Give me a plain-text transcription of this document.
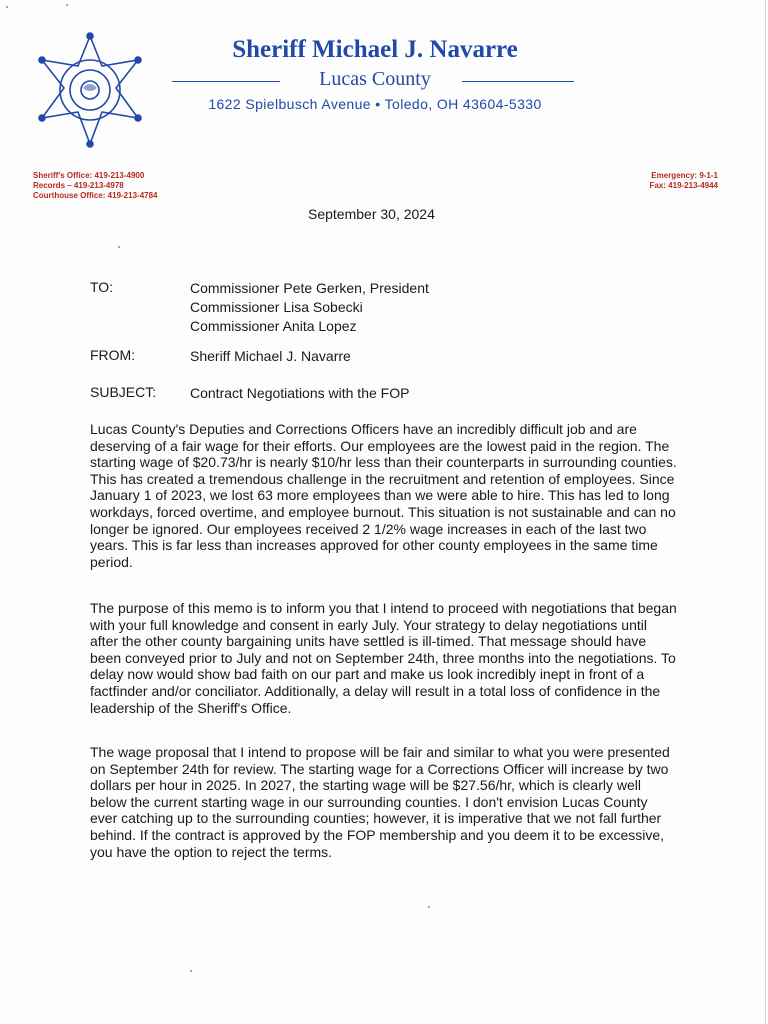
Sheriff Michael J. Navarre
Lucas County
1622 Spielbusch Avenue • Toledo, OH 43604-5330
Sheriff's Office: 419-213-4900
Records – 419-213-4978
Courthouse Office: 419-213-4784
Emergency: 9-1-1
Fax: 419-213-4944
September 30, 2024
TO:	Commissioner Pete Gerken, President
Commissioner Lisa Sobecki
Commissioner Anita Lopez
FROM:	Sheriff Michael J. Navarre
SUBJECT: Contract Negotiations with the FOP
Lucas County's Deputies and Corrections Officers have an incredibly difficult job and are deserving of a fair wage for their efforts. Our employees are the lowest paid in the region. The starting wage of $20.73/hr is nearly $10/hr less than their counterparts in surrounding counties. This has created a tremendous challenge in the recruitment and retention of employees. Since January 1 of 2023, we lost 63 more employees than we were able to hire. This has led to long workdays, forced overtime, and employee burnout. This situation is not sustainable and can no longer be ignored. Our employees received 2 1/2% wage increases in each of the last two years. This is far less than increases approved for other county employees in the same time period.
The purpose of this memo is to inform you that I intend to proceed with negotiations that began with your full knowledge and consent in early July. Your strategy to delay negotiations until after the other county bargaining units have settled is ill-timed. That message should have been conveyed prior to July and not on September 24th, three months into the negotiations. To delay now would show bad faith on our part and make us look incredibly inept in front of a factfinder and/or conciliator. Additionally, a delay will result in a total loss of confidence in the leadership of the Sheriff's Office.
The wage proposal that I intend to propose will be fair and similar to what you were presented on September 24th for review. The starting wage for a Corrections Officer will increase by two dollars per hour in 2025. In 2027, the starting wage will be $27.56/hr, which is clearly well below the current starting wage in our surrounding counties. I don't envision Lucas County ever catching up to the surrounding counties; however, it is imperative that we not fall further behind. If the contract is approved by the FOP membership and you deem it to be excessive, you have the option to reject the terms.
